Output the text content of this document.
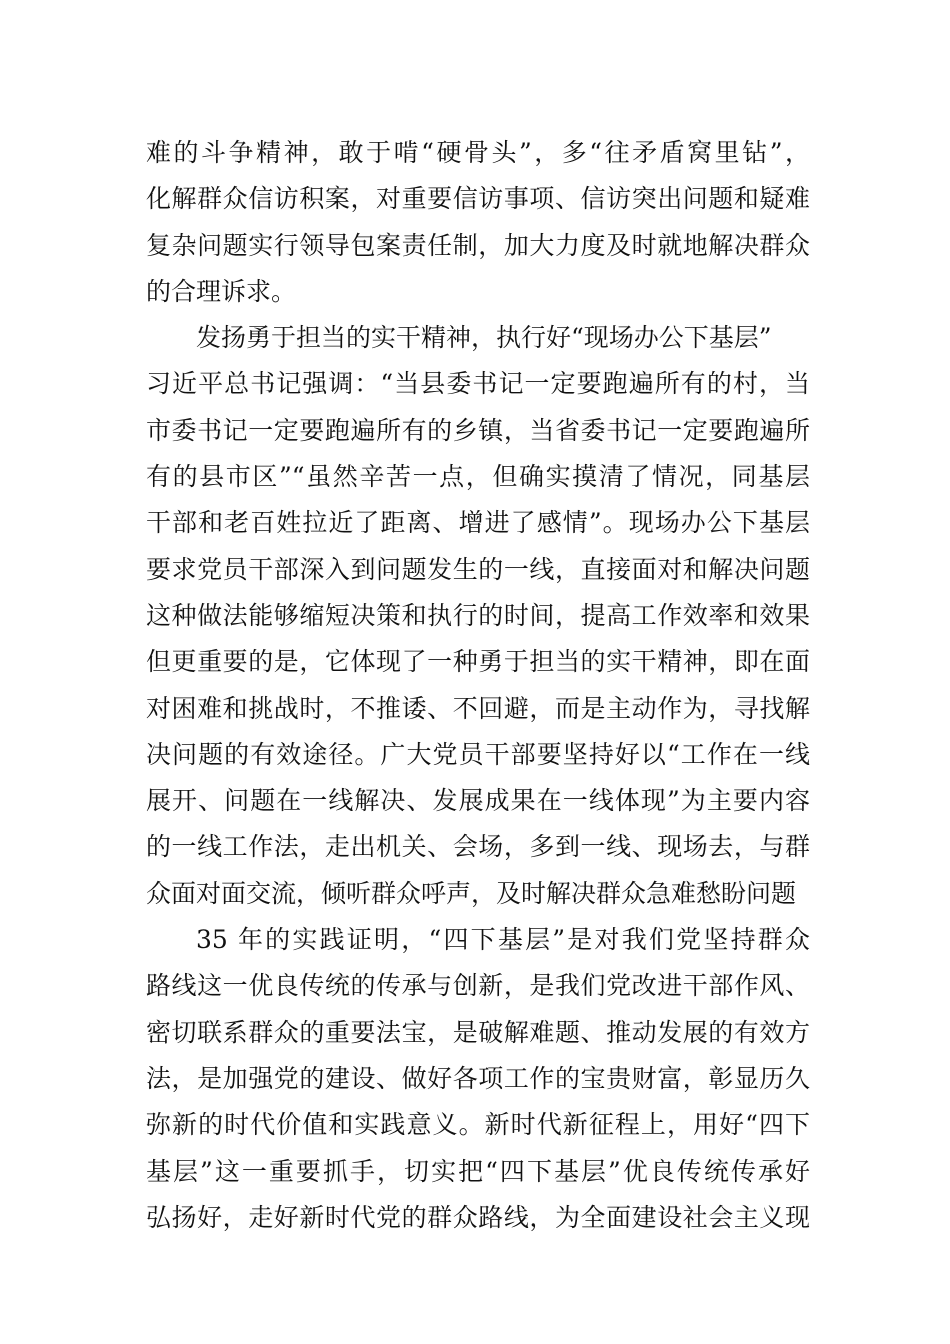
难的斗争精神，敢于啃“硬骨头”，多“往矛盾窝里钻”，
化解群众信访积案，对重要信访事项、信访突出问题和疑难
复杂问题实行领导包案责任制，加大力度及时就地解决群众
的合理诉求。
发扬勇于担当的实干精神，执行好“现场办公下基层”
习近平总书记强调：“当县委书记一定要跑遍所有的村，当
市委书记一定要跑遍所有的乡镇，当省委书记一定要跑遍所
有的县市区”“虽然辛苦一点，但确实摸清了情况，同基层
干部和老百姓拉近了距离、增进了感情”。现场办公下基层
要求党员干部深入到问题发生的一线，直接面对和解决问题
这种做法能够缩短决策和执行的时间，提高工作效率和效果
但更重要的是，它体现了一种勇于担当的实干精神，即在面
对困难和挑战时，不推诿、不回避，而是主动作为，寻找解
决问题的有效途径。广大党员干部要坚持好以“工作在一线
展开、问题在一线解决、发展成果在一线体现”为主要内容
的一线工作法，走出机关、会场，多到一线、现场去，与群
众面对面交流，倾听群众呼声，及时解决群众急难愁盼问题
35 年的实践证明，“四下基层”是对我们党坚持群众
路线这一优良传统的传承与创新，是我们党改进干部作风、
密切联系群众的重要法宝，是破解难题、推动发展的有效方
法，是加强党的建设、做好各项工作的宝贵财富，彰显历久
弥新的时代价值和实践意义。新时代新征程上，用好“四下
基层”这一重要抓手，切实把“四下基层”优良传统传承好
弘扬好，走好新时代党的群众路线，为全面建设社会主义现
